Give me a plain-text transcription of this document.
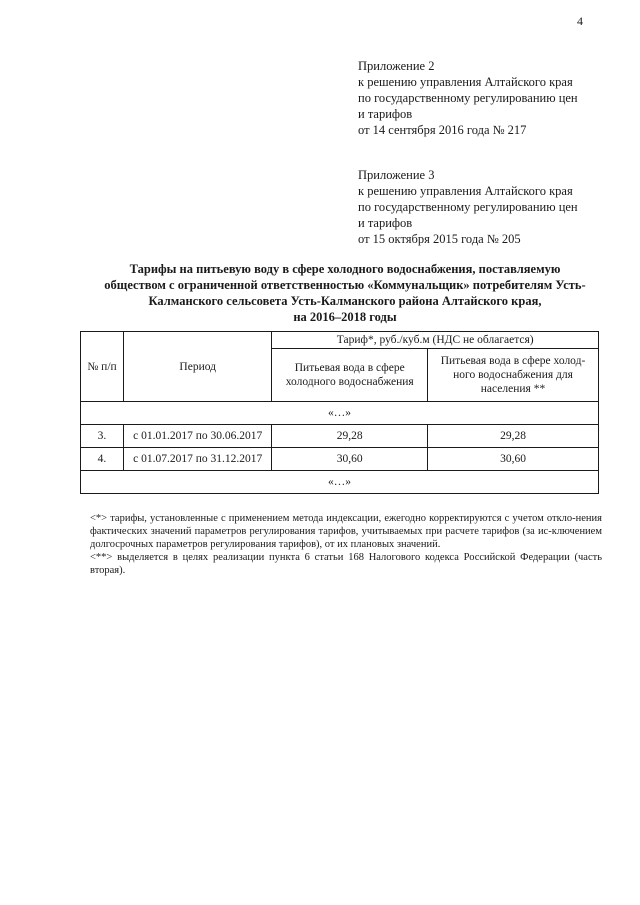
4
Приложение 2
к решению управления Алтайского края
по государственному регулированию цен
и тарифов
от 14 сентября 2016 года № 217
Приложение 3
к решению управления Алтайского края
по государственному регулированию цен
и тарифов
от 15 октября 2015 года № 205
Тарифы на питьевую воду в сфере холодного водоснабжения, поставляемую
обществом с ограниченной ответственностью «Коммунальщик» потребителям Усть-
Калманского сельсовета Усть-Калманского района Алтайского края,
на 2016–2018 годы
№ п/п	Период	Тариф*, руб./куб.м (НДС не облагается)	
		Питьевая вода в сфере холодного водоснабжения	Питьевая вода в сфере холод-ного водоснабжения для населения **
«…»			
3.	с 01.01.2017 по 30.06.2017	29,28	29,28
4.	с 01.07.2017 по 31.12.2017	30,60	30,60
«…»			

<*> тарифы, установленные с применением метода индексации, ежегодно корректируются с учетом откло-нения фактических значений параметров регулирования тарифов, учитываемых при расчете тарифов (за ис-ключением долгосрочных параметров регулирования тарифов), от их плановых значений.

<**> выделяется в целях реализации пункта 6 статьи 168 Налогового кодекса Российской Федерации (часть вторая).
